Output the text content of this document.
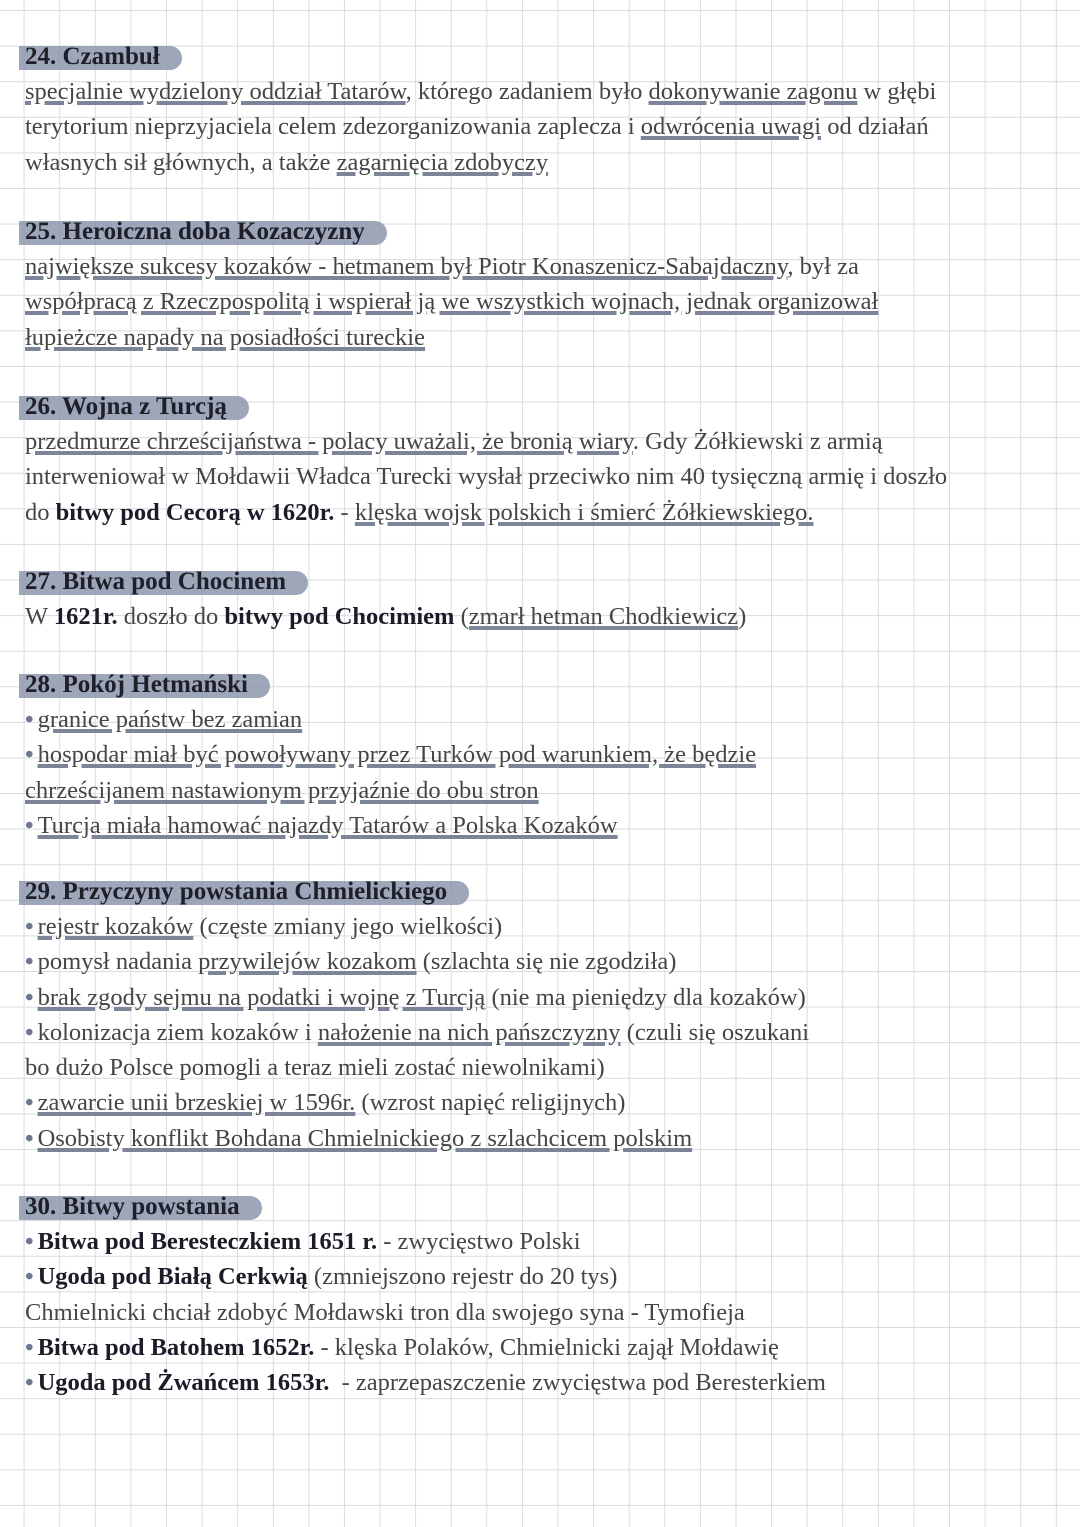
24. Czambuł

specjalnie wydzielony oddział Tatarów, którego zadaniem było dokonywanie zagonu w głębi

terytorium nieprzyjaciela celem zdezorganizowania zaplecza i odwrócenia uwagi od działań

własnych sił głównych, a także zagarnięcia zdobyczy

25. Heroiczna doba Kozaczyzny

największe sukcesy kozaków - hetmanem był Piotr Konaszenicz-Sabajdaczny, był za

współpracą z Rzeczpospolitą i wspierał ją we wszystkich wojnach, jednak organizował

łupieżcze napady na posiadłości tureckie

26. Wojna z Turcją

przedmurze chrześcijaństwa - polacy uważali, że bronią wiary. Gdy Żółkiewski z armią

interweniował w Mołdawii Władca Turecki wysłał przeciwko nim 40 tysięczną armię i doszło

do bitwy pod Cecorą w 1620r. - klęska wojsk polskich i śmierć Żółkiewskiego.

27. Bitwa pod Chocinem

W 1621r. doszło do bitwy pod Chocimiem (zmarł hetman Chodkiewicz)

28. Pokój Hetmański

• granice państw bez zamian

• hospodar miał być powoływany przez Turków pod warunkiem, że będzie

chrześcijanem nastawionym przyjaźnie do obu stron

• Turcja miała hamować najazdy Tatarów a Polska Kozaków

29. Przyczyny powstania Chmielickiego

• rejestr kozaków (częste zmiany jego wielkości)

• pomysł nadania przywilejów kozakom (szlachta się nie zgodziła)

• brak zgody sejmu na podatki i wojnę z Turcją (nie ma pieniędzy dla kozaków)

• kolonizacja ziem kozaków i nałożenie na nich pańszczyzny (czuli się oszukani

bo dużo Polsce pomogli a teraz mieli zostać niewolnikami)

• zawarcie unii brzeskiej w 1596r. (wzrost napięć religijnych)

• Osobisty konflikt Bohdana Chmielnickiego z szlachcicem polskim

30. Bitwy powstania

• Bitwa pod Beresteczkiem 1651 r. - zwycięstwo Polski

• Ugoda pod Białą Cerkwią (zmniejszono rejestr do 20 tys)

Chmielnicki chciał zdobyć Mołdawski tron dla swojego syna - Tymofieja

• Bitwa pod Batohem 1652r. - klęska Polaków, Chmielnicki zajął Mołdawię

• Ugoda pod Żwańcem 1653r.  - zaprzepaszczenie zwycięstwa pod Beresterkiem
